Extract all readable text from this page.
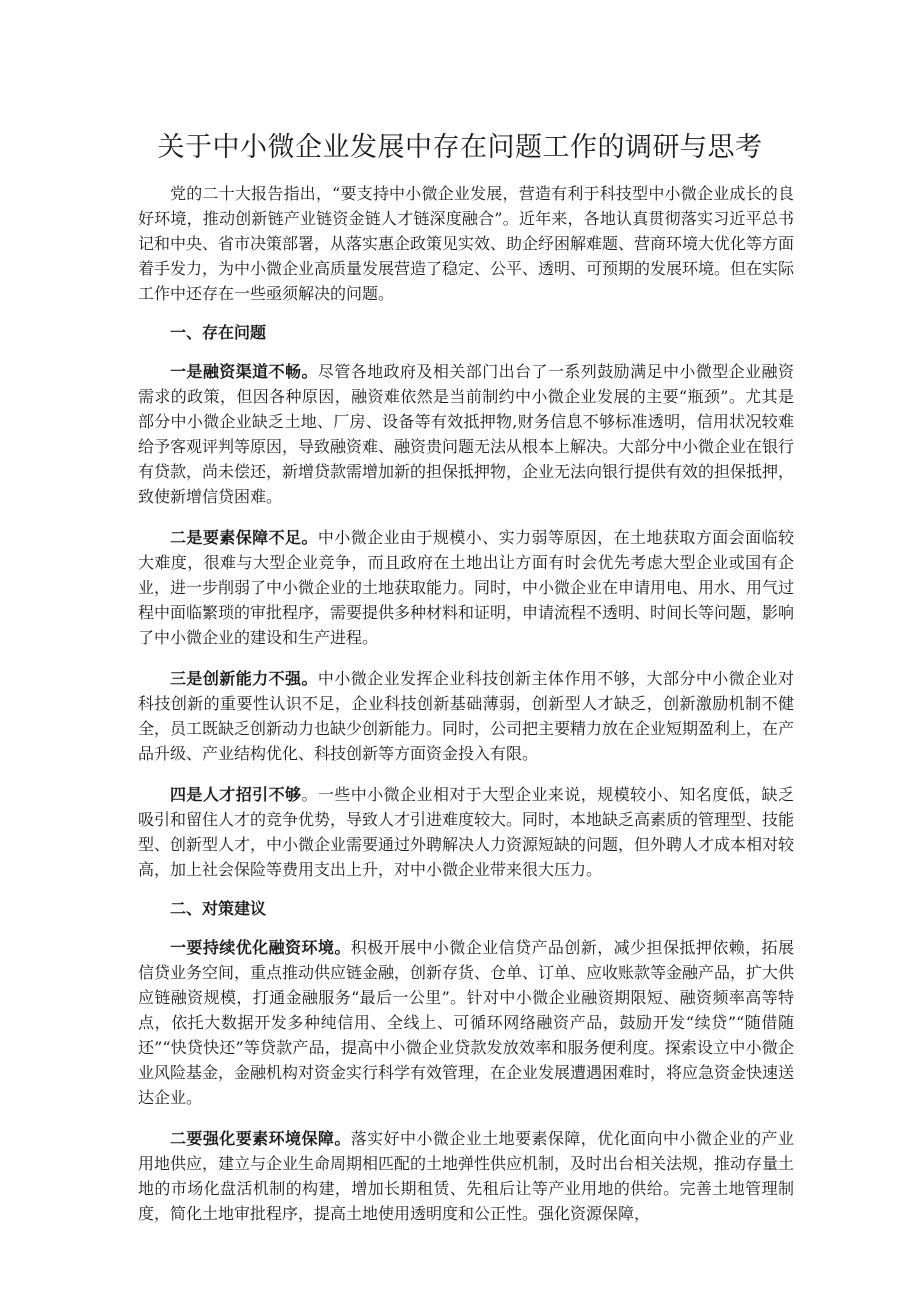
关于中小微企业发展中存在问题工作的调研与思考

党的二十大报告指出，“要支持中小微企业发展，营造有利于科技型中小微企业成长的良好环境，推动创新链产业链资金链人才链深度融合”。近年来，各地认真贯彻落实习近平总书记和中央、省市决策部署，从落实惠企政策见实效、助企纾困解难题、营商环境大优化等方面着手发力，为中小微企业高质量发展营造了稳定、公平、透明、可预期的发展环境。但在实际工作中还存在一些亟须解决的问题。

一、存在问题

一是融资渠道不畅。尽管各地政府及相关部门出台了一系列鼓励满足中小微型企业融资需求的政策，但因各种原因，融资难依然是当前制约中小微企业发展的主要“瓶颈”。尤其是部分中小微企业缺乏土地、厂房、设备等有效抵押物,财务信息不够标准透明，信用状况较难给予客观评判等原因，导致融资难、融资贵问题无法从根本上解决。大部分中小微企业在银行有贷款，尚未偿还，新增贷款需增加新的担保抵押物，企业无法向银行提供有效的担保抵押，致使新增信贷困难。

二是要素保障不足。中小微企业由于规模小、实力弱等原因，在土地获取方面会面临较大难度，很难与大型企业竞争，而且政府在土地出让方面有时会优先考虑大型企业或国有企业，进一步削弱了中小微企业的土地获取能力。同时，中小微企业在申请用电、用水、用气过程中面临繁琐的审批程序，需要提供多种材料和证明，申请流程不透明、时间长等问题，影响了中小微企业的建设和生产进程。

三是创新能力不强。中小微企业发挥企业科技创新主体作用不够，大部分中小微企业对科技创新的重要性认识不足，企业科技创新基础薄弱，创新型人才缺乏，创新激励机制不健全，员工既缺乏创新动力也缺少创新能力。同时，公司把主要精力放在企业短期盈利上，在产品升级、产业结构优化、科技创新等方面资金投入有限。

四是人才招引不够。一些中小微企业相对于大型企业来说，规模较小、知名度低，缺乏吸引和留住人才的竞争优势，导致人才引进难度较大。同时，本地缺乏高素质的管理型、技能型、创新型人才，中小微企业需要通过外聘解决人力资源短缺的问题，但外聘人才成本相对较高，加上社会保险等费用支出上升，对中小微企业带来很大压力。

二、对策建议

一要持续优化融资环境。积极开展中小微企业信贷产品创新，减少担保抵押依赖，拓展信贷业务空间，重点推动供应链金融，创新存货、仓单、订单、应收账款等金融产品，扩大供应链融资规模，打通金融服务“最后一公里”。针对中小微企业融资期限短、融资频率高等特点，依托大数据开发多种纯信用、全线上、可循环网络融资产品，鼓励开发“续贷”“随借随还”“快贷快还”等贷款产品，提高中小微企业贷款发放效率和服务便利度。探索设立中小微企业风险基金，金融机构对资金实行科学有效管理，在企业发展遭遇困难时，将应急资金快速送达企业。

二要强化要素环境保障。落实好中小微企业土地要素保障，优化面向中小微企业的产业用地供应，建立与企业生命周期相匹配的土地弹性供应机制，及时出台相关法规，推动存量土地的市场化盘活机制的构建，增加长期租赁、先租后让等产业用地的供给。完善土地管理制度，简化土地审批程序，提高土地使用透明度和公正性。强化资源保障，
